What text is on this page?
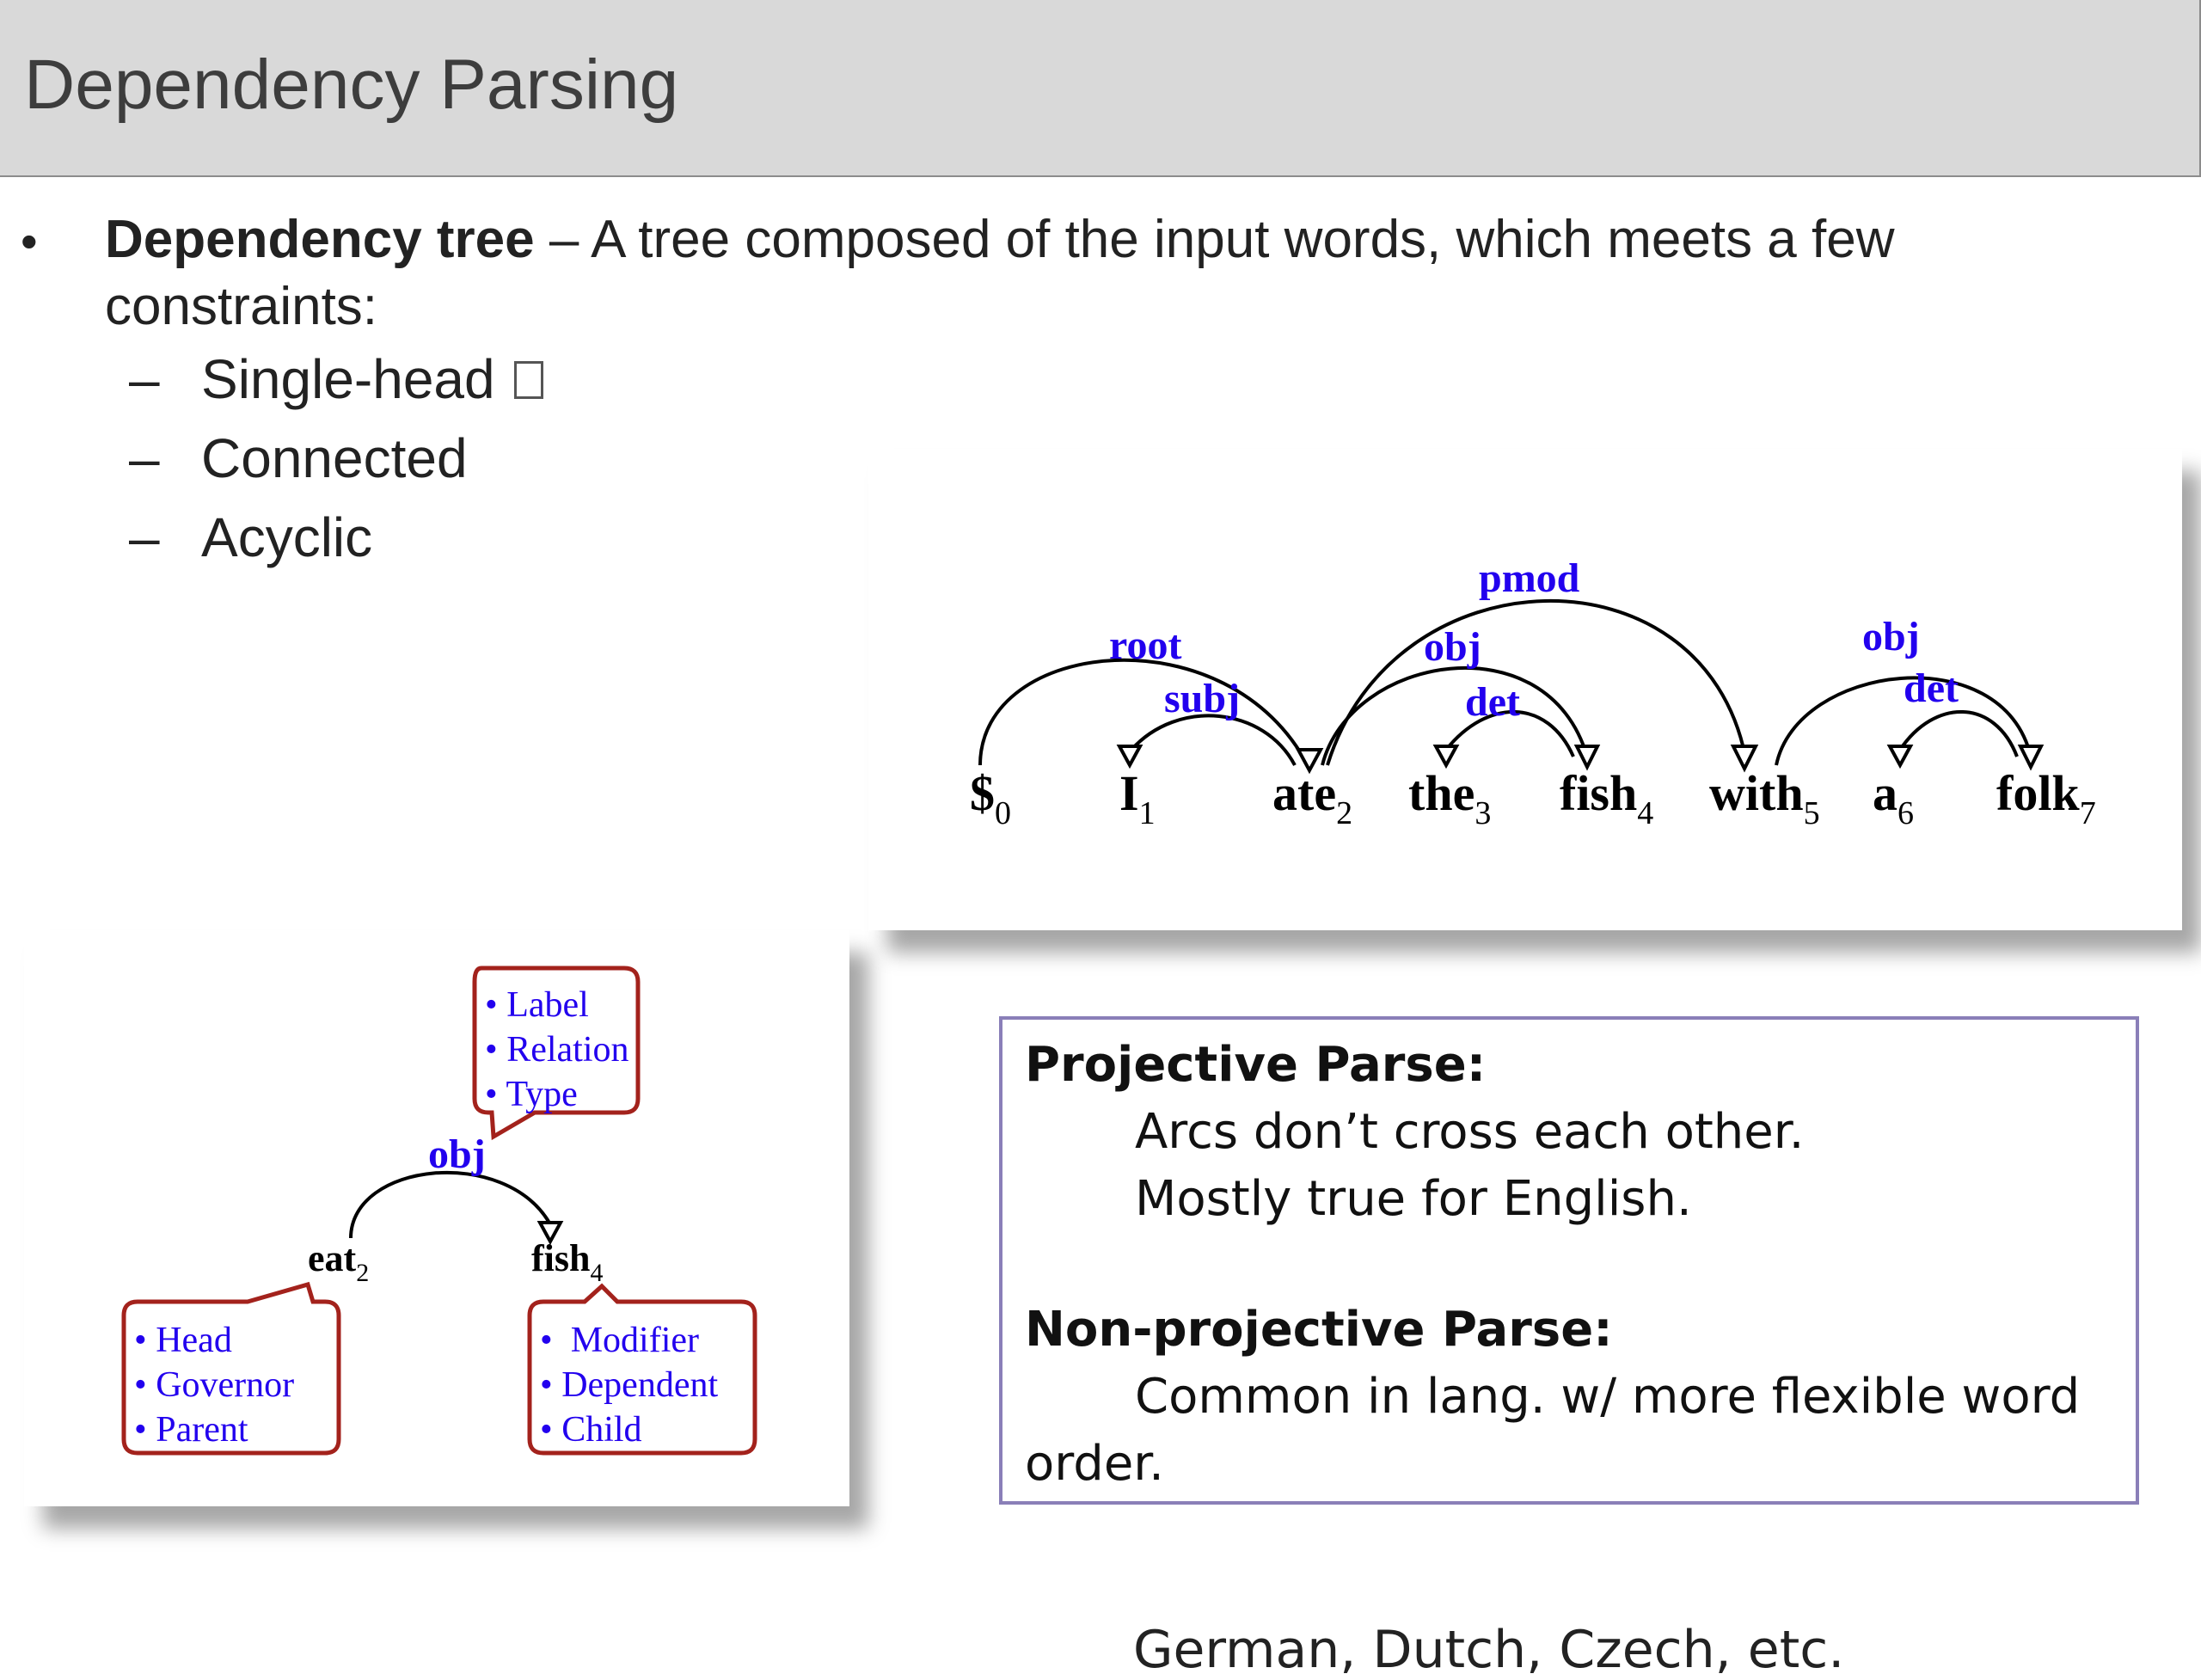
Dependency Parsing
• Dependency tree – A tree composed of the input words, which meets a few constraints:
– Single-head
– Connected
– Acyclic
root
subj
obj
det
pmod
obj
det
$\$_0$ $I_1$ ate$_2$ the$_3$ fish$_4$ with$_5$ $a_6$ folk$_7$
• Label
• Relation
• Type
obj
eat$_2$	fish$_4$
• Head
• Governor
• Parent
•  Modifier
• Dependent
• Child
Projective Parse:
Arcs don’t cross each other.
Mostly true for English.
Non-projective Parse:
Common in lang. w/ more flexible word
order.
German, Dutch, Czech, etc.
